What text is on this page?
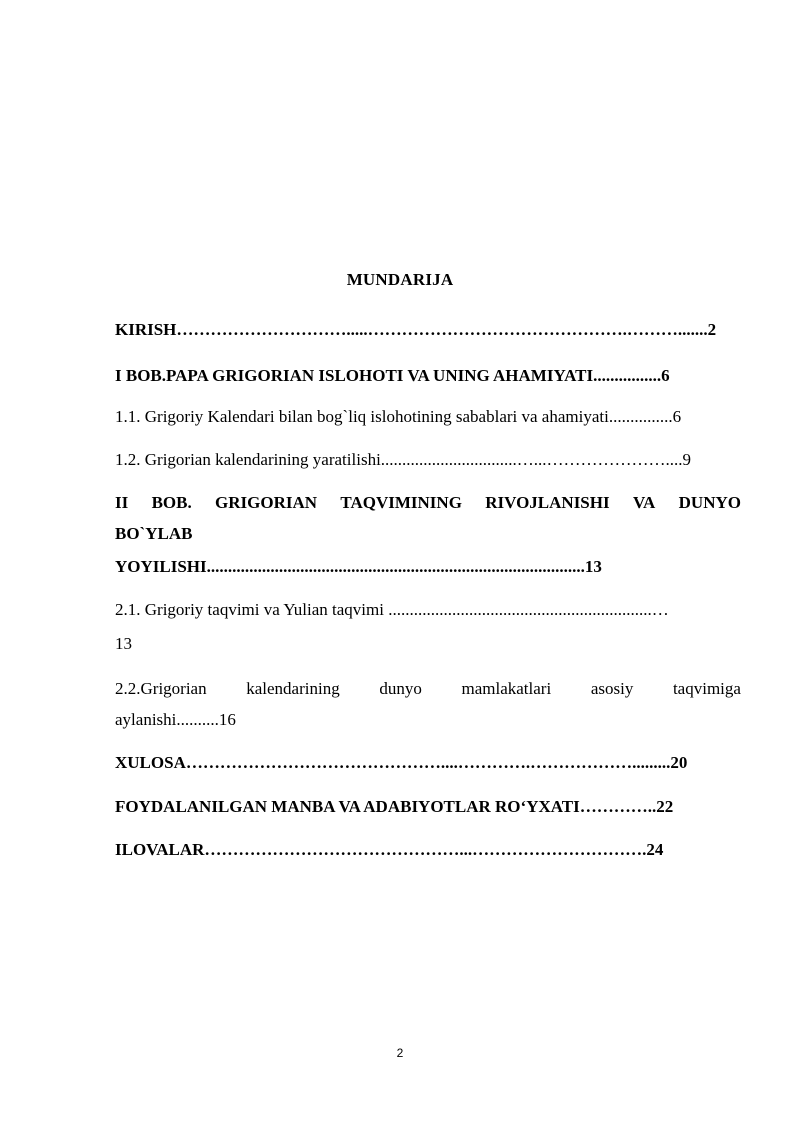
MUNDARIJA
KIRISH………………………….....……………………………………….……….......2
I BOB.PAPA GRIGORIAN ISLOHOTI VA UNING AHAMIYATI................6
1.1. Grigoriy Kalendari bilan bog`liq islohotining sabablari va ahamiyati...............6
1.2. Grigorian kalendarining yaratilishi................................…...…………………....9
II BOB. GRIGORIAN TAQVIMINING RIVOJLANISHI VA DUNYO
BO`YLAB
YOYILISHI.........................................................................................13
2.1. Grigoriy taqvimi va Yulian taqvimi ..............................................................…
13
2.2.Grigorian kalendarining dunyo mamlakatlari asosiy taqvimiga
aylanishi..........16
XULOSA………………………………………....………….……………….........20
FOYDALANILGAN MANBA VA ADABIYOTLAR RO‘YXATI…………..22
ILOVALAR………………………………………...………………………….24
2
